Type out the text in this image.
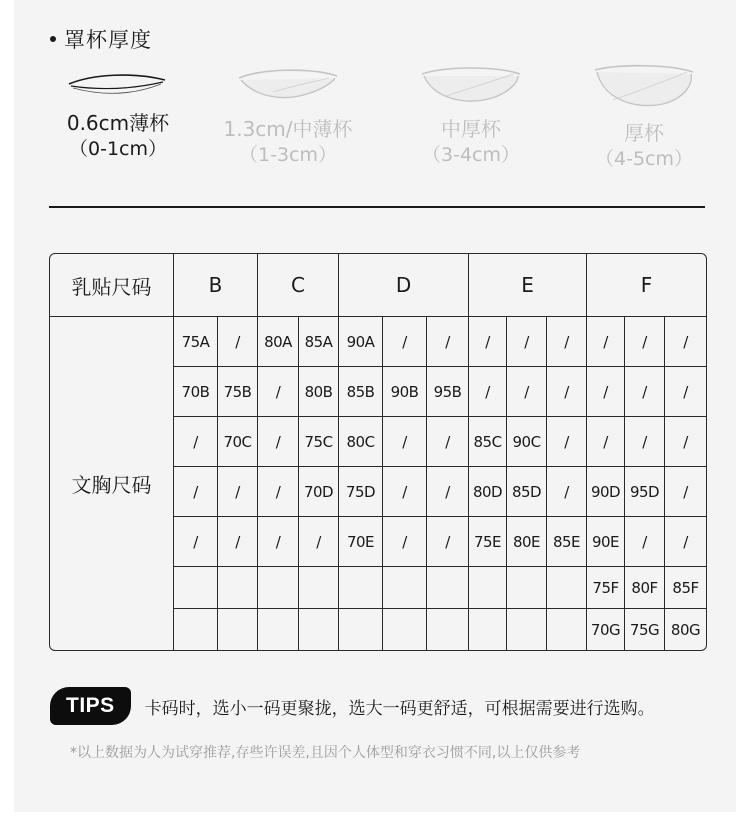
罩杯厚度
0.6cm薄杯
（0-1cm）
1.3cm/中薄杯
（1-3cm）
中厚杯
（3-4cm）
厚杯
（4-5cm）
乳贴尺码	B		C		D			E			F		
文胸尺码	75A	/	80A	85A	90A	/	/	/	/	/	/	/	/
	70B	75B	/	80B	85B	90B	95B	/	/	/	/	/	/
	/	70C	/	75C	80C	/	/	85C	90C	/	/	/	/
	/	/	/	70D	75D	/	/	80D	85D	/	90D	95D	/
	/	/	/	/	70E	/	/	75E	80E	85E	90E	/	/
											75F	80F	85F
											70G	75G	80G
TIPS	卡码时，选小一码更聚拢，选大一码更舒适，可根据需要进行选购。
*以上数据为人为试穿推荐,存些许误差,且因个人体型和穿衣习惯不同,以上仅供参考
